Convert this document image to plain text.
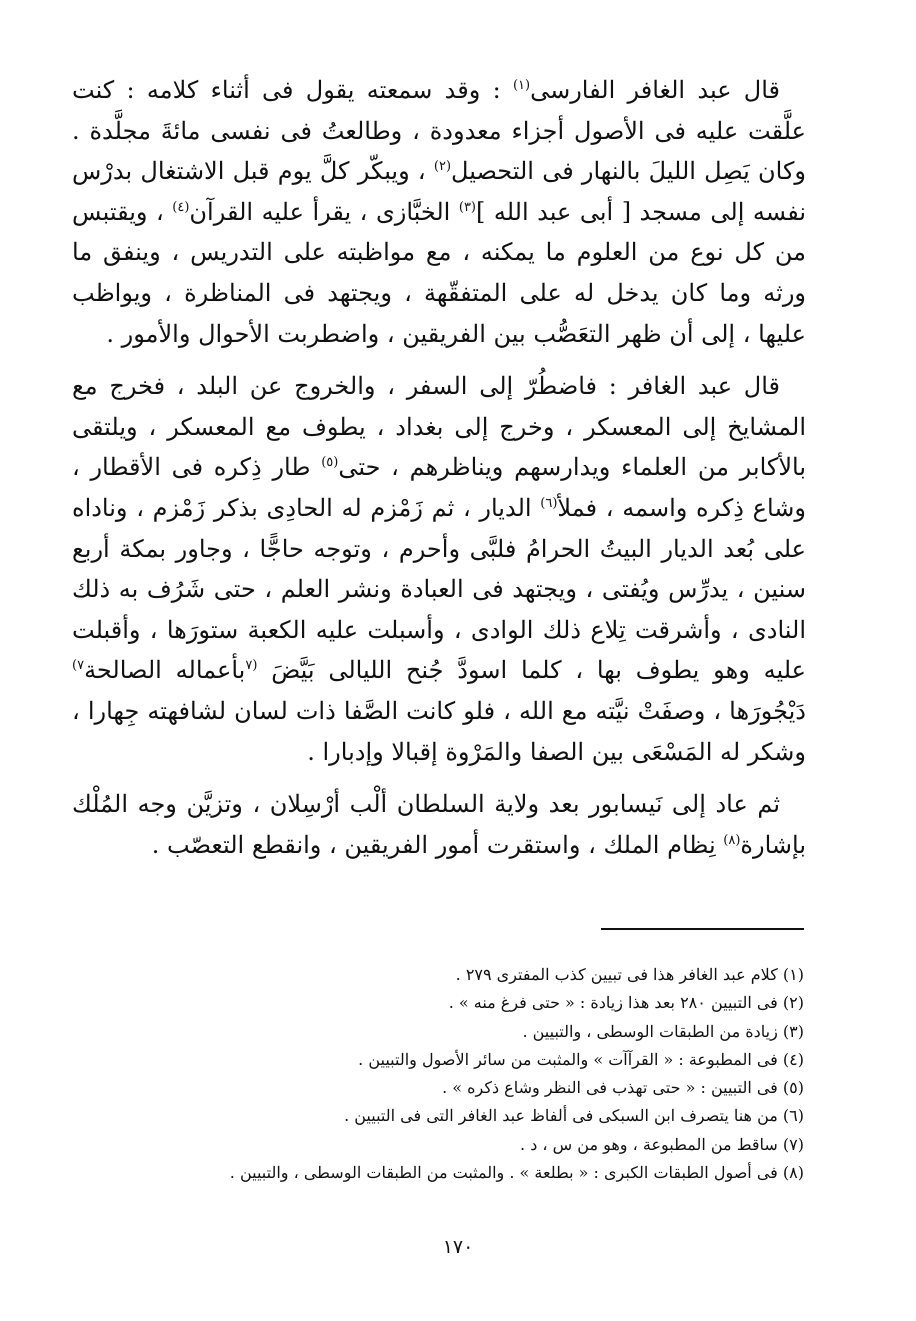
قال عبد الغافر الفارسى$^{(١)}$ : وقد سمعته يقول فى أثناء كلامه : كنت علَّقت عليه فى الأصول أجزاء معدودة ، وطالعتُ فى نفسى مائةَ مجلَّدة . وكان يَصِل الليلَ بالنهار فى التحصيل$^{(٢)}$ ، ويبكّر كلَّ يوم قبل الاشتغال بدرْس نفسه إلى مسجد [ أبى عبد الله ]$^{(٣)}$ الخبَّازى ، يقرأ عليه القرآن$^{(٤)}$ ، ويقتبس من كل نوع من العلوم ما يمكنه ، مع مواظبته على التدريس ، وينفق ما ورثه وما كان يدخل له على المتفقّهة ، ويجتهد فى المناظرة ، ويواظب عليها ، إلى أن ظهر التعَصُّب بين الفريقين ، واضطربت الأحوال والأمور .

قال عبد الغافر : فاضطُرّ إلى السفر ، والخروج عن البلد ، فخرج مع المشايخ إلى المعسكر ، وخرج إلى بغداد ، يطوف مع المعسكر ، ويلتقى بالأكابر من العلماء ويدارسهم ويناظرهم ، حتى$^{(٥)}$ طار ذِكره فى الأقطار ، وشاع ذِكره واسمه ، فملأ$^{(٦)}$ الديار ، ثم زَمْزم له الحادِى بذكر زَمْزم ، وناداه على بُعد الديار البيتُ الحرامُ فلبَّى وأحرم ، وتوجه حاجًّا ، وجاور بمكة أربع سنين ، يدرِّس ويُفتى ، ويجتهد فى العبادة ونشر العلم ، حتى شَرُف به ذلك النادى ، وأشرقت تِلاع ذلك الوادى ، وأسبلت عليه الكعبة ستورَها ، وأقبلت عليه وهو يطوف بها ، كلما اسودَّ جُنح الليالى بَيَّضَ $^{(٧}$بأعماله الصالحة$^{٧)}$ دَيْجُورَها ، وصفَتْ نيَّته مع الله ، فلو كانت الصَّفا ذات لسان لشافهته جِهارا ، وشكر له المَسْعَى بين الصفا والمَرْوة إقبالا وإدبارا .

ثم عاد إلى نَيسابور بعد ولاية السلطان ألْب أرْسِلان ، وتزيَّن وجه المُلْك بإشارة$^{(٨)}$ نِظام الملك ، واستقرت أمور الفريقين ، وانقطع التعصّب .

(١) كلام عبد الغافر هذا فى تبيين كذب المفترى ٢٧٩ .
(٢) فى التبيين ٢٨٠ بعد هذا زيادة : « حتى فرغ منه » .
(٣) زيادة من الطبقات الوسطى ، والتبيين .
(٤) فى المطبوعة : « القرآآت » والمثبت من سائر الأصول والتبيين .
(٥) فى التبيين : « حتى تهذب فى النظر وشاع ذكره » .
(٦) من هنا يتصرف ابن السبكى فى ألفاظ عبد الغافر التى فى التبيين .
(٧) ساقط من المطبوعة ، وهو من س ، د .
(٨) فى أصول الطبقات الكبرى : « بطلعة » . والمثبت من الطبقات الوسطى ، والتبيين .
١٧٠
